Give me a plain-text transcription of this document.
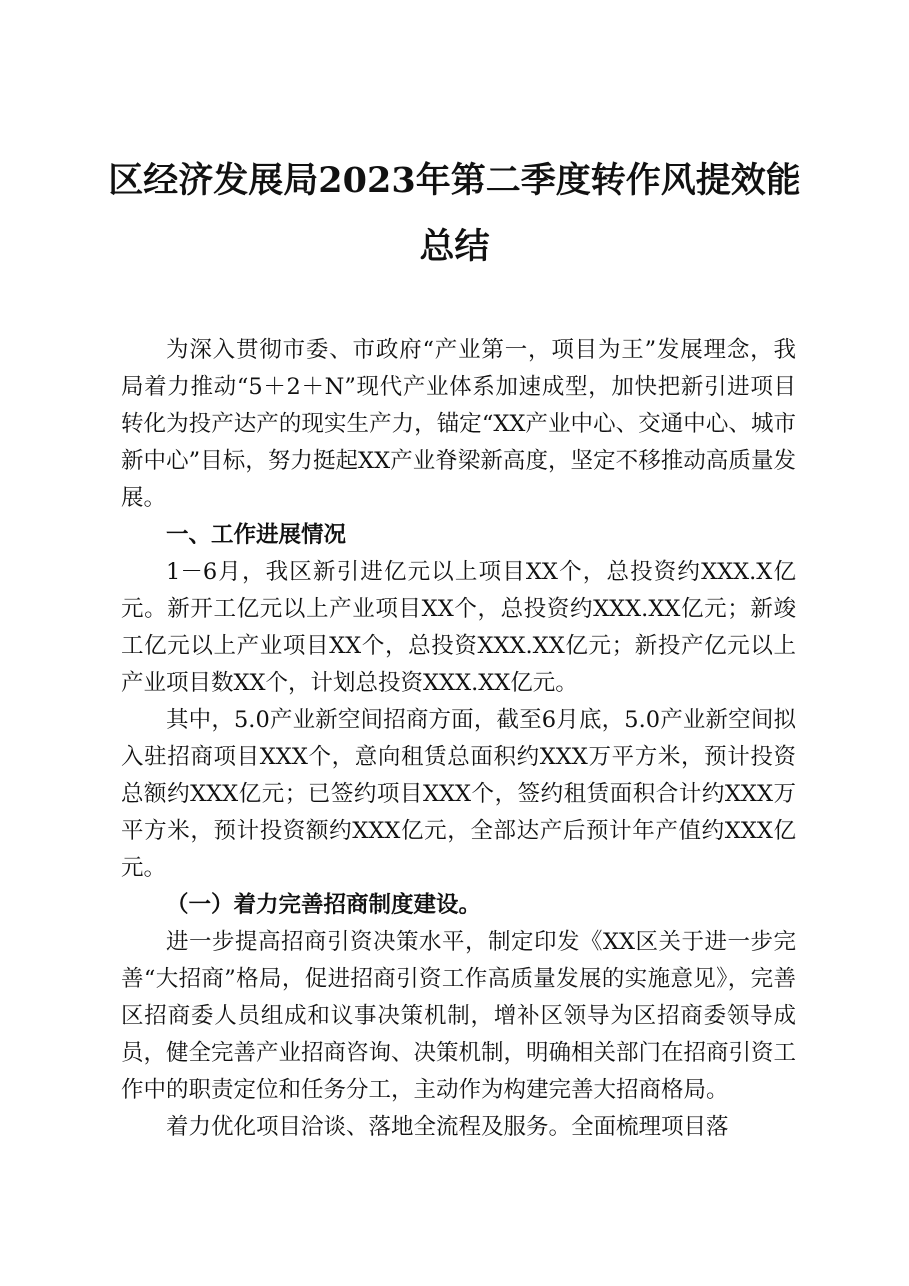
区经济发展局2023年第二季度转作风提效能
总结

为深入贯彻市委、市政府“产业第一，项目为王”发展理念，我局着力推动“5＋2＋N”现代产业体系加速成型，加快把新引进项目转化为投产达产的现实生产力，锚定“XX产业中心、交通中心、城市新中心”目标，努力挺起XX产业脊梁新高度，坚定不移推动高质量发展。

一、工作进展情况

1－6月，我区新引进亿元以上项目XX个，总投资约XXX.X亿元。新开工亿元以上产业项目XX个，总投资约XXX.XX亿元；新竣工亿元以上产业项目XX个，总投资XXX.XX亿元；新投产亿元以上产业项目数XX个，计划总投资XXX.XX亿元。

其中，5.0产业新空间招商方面，截至6月底，5.0产业新空间拟入驻招商项目XXX个，意向租赁总面积约XXX万平方米，预计投资总额约XXX亿元；已签约项目XXX个，签约租赁面积合计约XXX万平方米，预计投资额约XXX亿元，全部达产后预计年产值约XXX亿元。

（一）着力完善招商制度建设。

进一步提高招商引资决策水平，制定印发《XX区关于进一步完善“大招商”格局，促进招商引资工作高质量发展的实施意见》，完善区招商委人员组成和议事决策机制，增补区领导为区招商委领导成员，健全完善产业招商咨询、决策机制，明确相关部门在招商引资工作中的职责定位和任务分工，主动作为构建完善大招商格局。

着力优化项目洽谈、落地全流程及服务。全面梳理项目落
